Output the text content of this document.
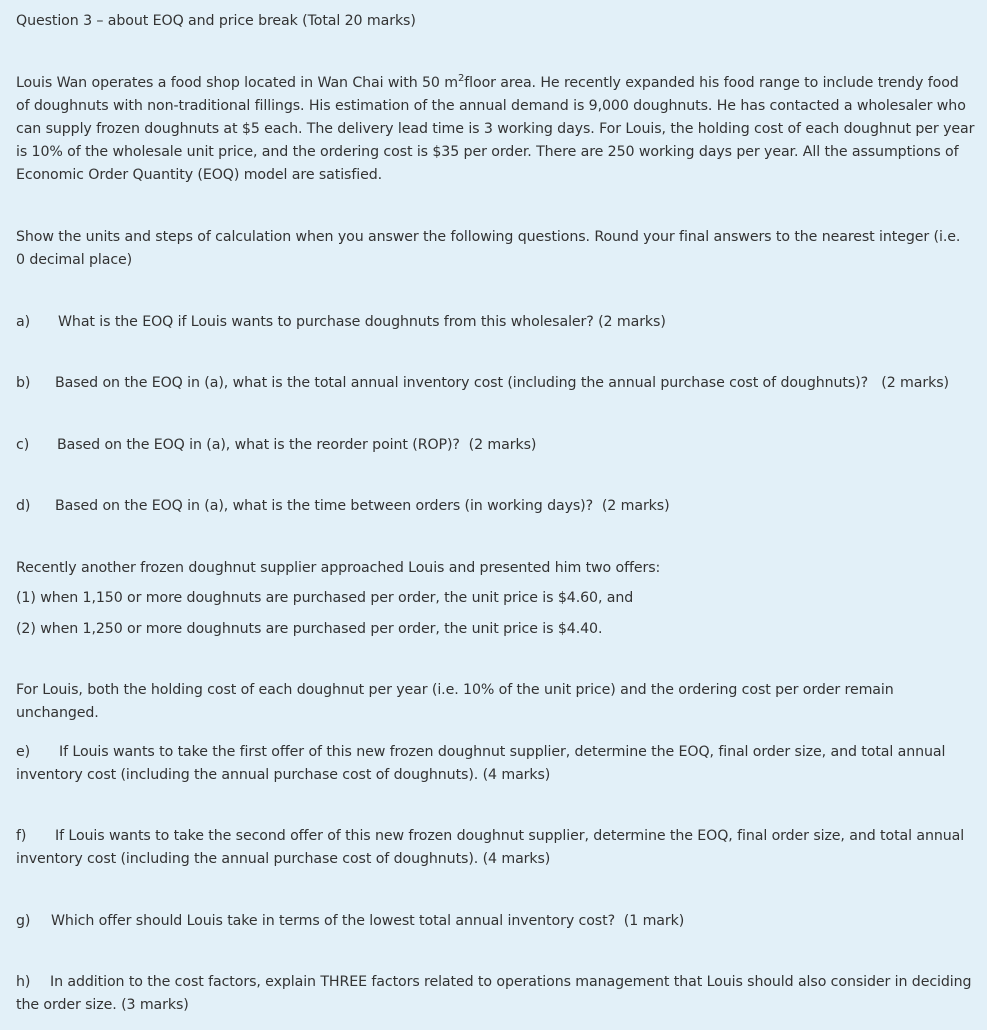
Question 3 – about EOQ and price break (Total 20 marks)
Louis Wan operates a food shop located in Wan Chai with 50 $m^2floor$ area. He recently expanded his food range to include trendy food of doughnuts with non-traditional fillings. His estimation of the annual demand is 9,000 doughnuts. He has contacted a wholesaler who can supply frozen doughnuts at $5 each. The delivery lead time is 3 working days. For Louis, the holding cost of each doughnut per year is 10% of the wholesale unit price, and the ordering cost is $35 per order. There are 250 working days per year. All the assumptions of Economic Order Quantity (EOQ) model are satisfied.
Show the units and steps of calculation when you answer the following questions. Round your final answers to the nearest integer (i.e. 0 decimal place)
a) What is the EOQ if Louis wants to purchase doughnuts from this wholesaler? (2 marks)
b) Based on the EOQ in (a), what is the total annual inventory cost (including the annual purchase cost of doughnuts)?   (2 marks)
c) Based on the EOQ in (a), what is the reorder point (ROP)?  (2 marks)
d) Based on the EOQ in (a), what is the time between orders (in working days)?  (2 marks)
Recently another frozen doughnut supplier approached Louis and presented him two offers:
(1) when 1,150 or more doughnuts are purchased per order, the unit price is $4.60, and
(2) when 1,250 or more doughnuts are purchased per order, the unit price is $4.40.
For Louis, both the holding cost of each doughnut per year (i.e. 10% of the unit price) and the ordering cost per order remain unchanged.
e) If Louis wants to take the first offer of this new frozen doughnut supplier, determine the EOQ, final order size, and total annual inventory cost (including the annual purchase cost of doughnuts). (4 marks)
f) If Louis wants to take the second offer of this new frozen doughnut supplier, determine the EOQ, final order size, and total annual inventory cost (including the annual purchase cost of doughnuts). (4 marks)
g) Which offer should Louis take in terms of the lowest total annual inventory cost?  (1 mark)
h) In addition to the cost factors, explain THREE factors related to operations management that Louis should also consider in deciding the order size. (3 marks)
